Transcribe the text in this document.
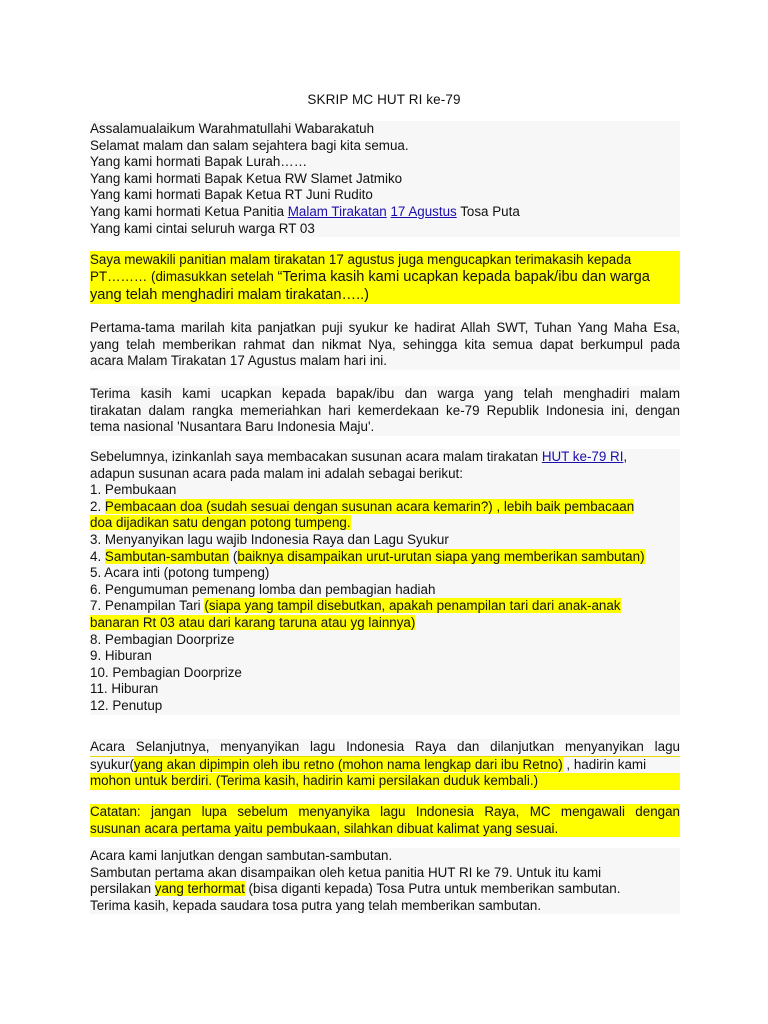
SKRIP MC HUT RI ke-79
Assalamualaikum Warahmatullahi Wabarakatuh
Selamat malam dan salam sejahtera bagi kita semua.
Yang kami hormati Bapak Lurah……
Yang kami hormati Bapak Ketua RW Slamet Jatmiko
Yang kami hormati Bapak Ketua RT Juni Rudito
Yang kami hormati Ketua Panitia Malam Tirakatan 17 Agustus Tosa Puta
Yang kami cintai seluruh warga RT 03
Saya mewakili panitian malam tirakatan 17 agustus juga mengucapkan terimakasih kepada
PT……… (dimasukkan setelah “Terima kasih kami ucapkan kepada bapak/ibu dan warga
yang telah menghadiri malam tirakatan…..)
Pertama-tama marilah kita panjatkan puji syukur ke hadirat Allah SWT, Tuhan Yang Maha Esa,
yang telah memberikan rahmat dan nikmat Nya, sehingga kita semua dapat berkumpul pada
acara Malam Tirakatan 17 Agustus malam hari ini.
Terima kasih kami ucapkan kepada bapak/ibu dan warga yang telah menghadiri malam
tirakatan dalam rangka memeriahkan hari kemerdekaan ke-79 Republik Indonesia ini, dengan
tema nasional 'Nusantara Baru Indonesia Maju'.
Sebelumnya, izinkanlah saya membacakan susunan acara malam tirakatan HUT ke-79 RI,
adapun susunan acara pada malam ini adalah sebagai berikut:
1. Pembukaan
2. Pembacaan doa (sudah sesuai dengan susunan acara kemarin?) , lebih baik pembacaan
doa dijadikan satu dengan potong tumpeng.
3. Menyanyikan lagu wajib Indonesia Raya dan Lagu Syukur
4. Sambutan-sambutan (baiknya disampaikan urut-urutan siapa yang memberikan sambutan)
5. Acara inti (potong tumpeng)
6. Pengumuman pemenang lomba dan pembagian hadiah
7. Penampilan Tari (siapa yang tampil disebutkan, apakah penampilan tari dari anak-anak
banaran Rt 03 atau dari karang taruna atau yg lainnya)
8. Pembagian Doorprize
9. Hiburan
10. Pembagian Doorprize
11. Hiburan
12. Penutup
Acara Selanjutnya, menyanyikan lagu Indonesia Raya dan dilanjutkan menyanyikan lagu
syukur(yang akan dipimpin oleh ibu retno (mohon nama lengkap dari ibu Retno) , hadirin kami
mohon untuk berdiri. (Terima kasih, hadirin kami persilakan duduk kembali.)
Catatan: jangan lupa sebelum menyanyika lagu Indonesia Raya, MC mengawali dengan
susunan acara pertama yaitu pembukaan, silahkan dibuat kalimat yang sesuai.
Acara kami lanjutkan dengan sambutan-sambutan.
Sambutan pertama akan disampaikan oleh ketua panitia HUT RI ke 79. Untuk itu kami
persilakan yang terhormat (bisa diganti kepada) Tosa Putra untuk memberikan sambutan.
Terima kasih, kepada saudara tosa putra yang telah memberikan sambutan.
